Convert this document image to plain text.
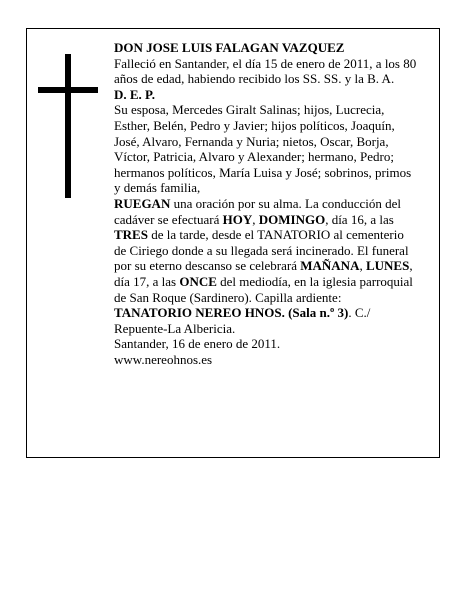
DON JOSE LUIS FALAGAN VAZQUEZ

Falleció en Santander, el día 15 de enero de 2011, a los 80 años de edad, habiendo recibido los SS. SS. y la B. A.

D. E. P.

Su esposa, Mercedes Giralt Salinas; hijos, Lucrecia, Esther, Belén, Pedro y Javier; hijos políticos, Joaquín, José, Alvaro, Fernanda y Nuria; nietos, Oscar, Borja, Víctor, Patricia, Alvaro y Alexander; hermano, Pedro; hermanos políticos, María Luisa y José; sobrinos, primos y demás familia,

RUEGAN una oración por su alma. La conducción del cadáver se efectuará HOY, DOMINGO, día 16, a las TRES de la tarde, desde el TANATORIO al cementerio de Ciriego donde a su llegada será incinerado. El funeral por su eterno descanso se celebrará MAÑANA, LUNES, día 17, a las ONCE del mediodía, en la iglesia parroquial de San Roque (Sardinero). Capilla ardiente: TANATORIO NEREO HNOS. (Sala n.º 3). C./ Repuente-La Albericia.

Santander, 16 de enero de 2011.

www.nereohnos.es
